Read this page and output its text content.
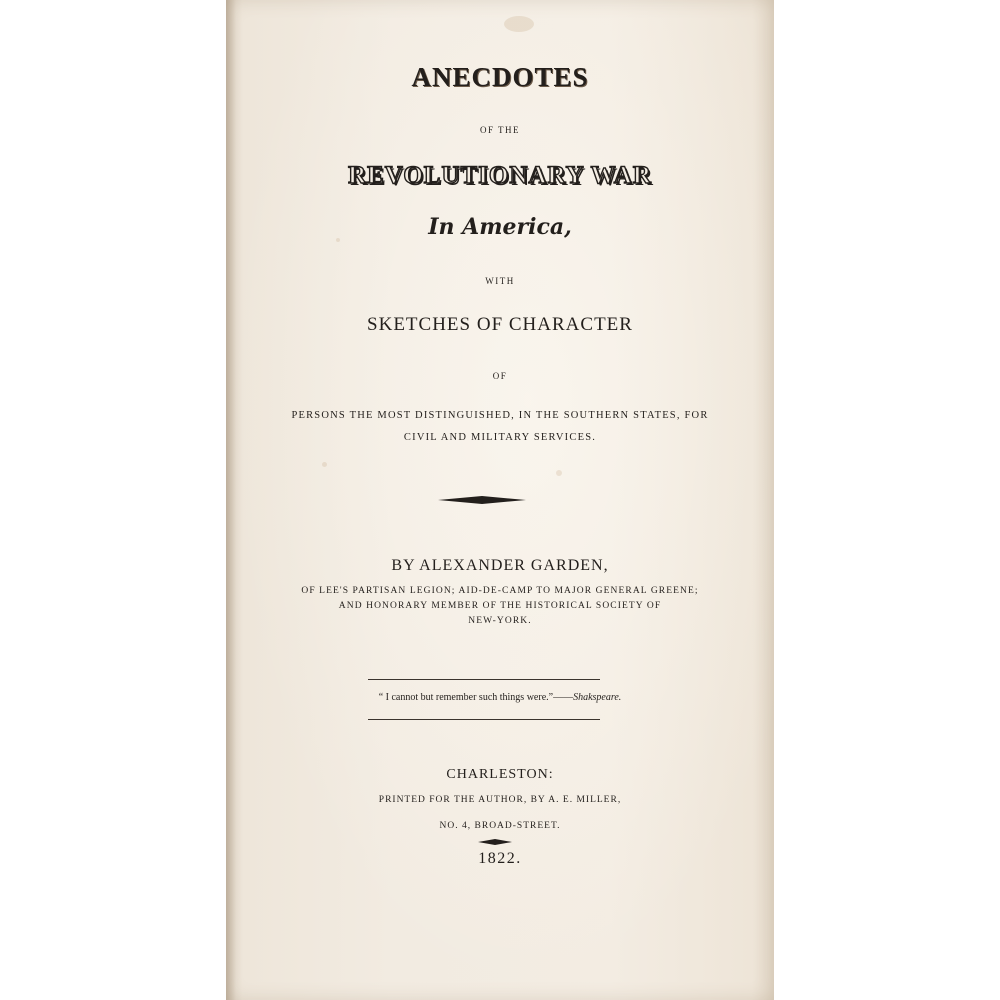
ANECDOTES
OF THE
REVOLUTIONARY WAR
In America,
WITH
SKETCHES OF CHARACTER
OF
PERSONS THE MOST DISTINGUISHED, IN THE SOUTHERN STATES, FOR
CIVIL AND MILITARY SERVICES.
BY ALEXANDER GARDEN,
OF LEE'S PARTISAN LEGION; AID-DE-CAMP TO MAJOR GENERAL GREENE;
AND HONORARY MEMBER OF THE HISTORICAL SOCIETY OF
NEW-YORK.
“ I cannot but remember such things were.”——Shakspeare.
CHARLESTON:
PRINTED FOR THE AUTHOR, BY A. E. MILLER,
NO. 4, BROAD-STREET.
1822.
